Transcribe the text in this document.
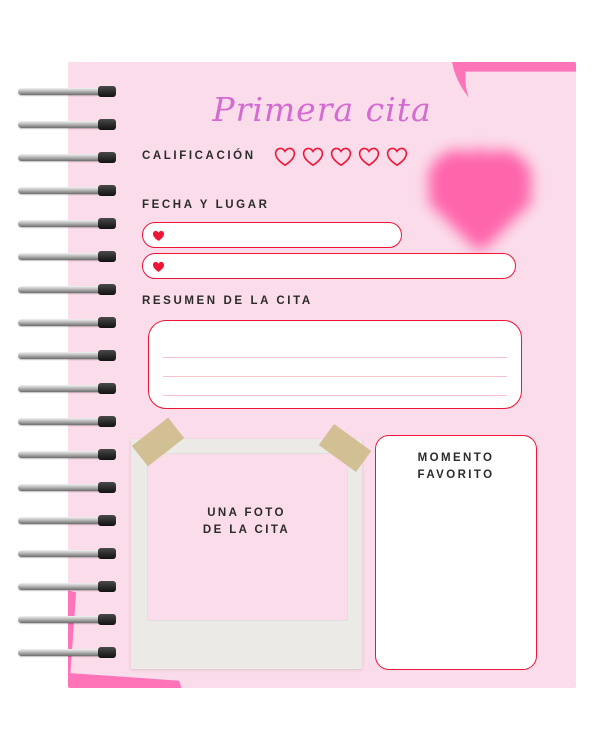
Primera cita
CALIFICACIÓN
FECHA Y LUGAR
RESUMEN DE LA CITA
UNA FOTO
DE LA CITA
MOMENTO
FAVORITO
